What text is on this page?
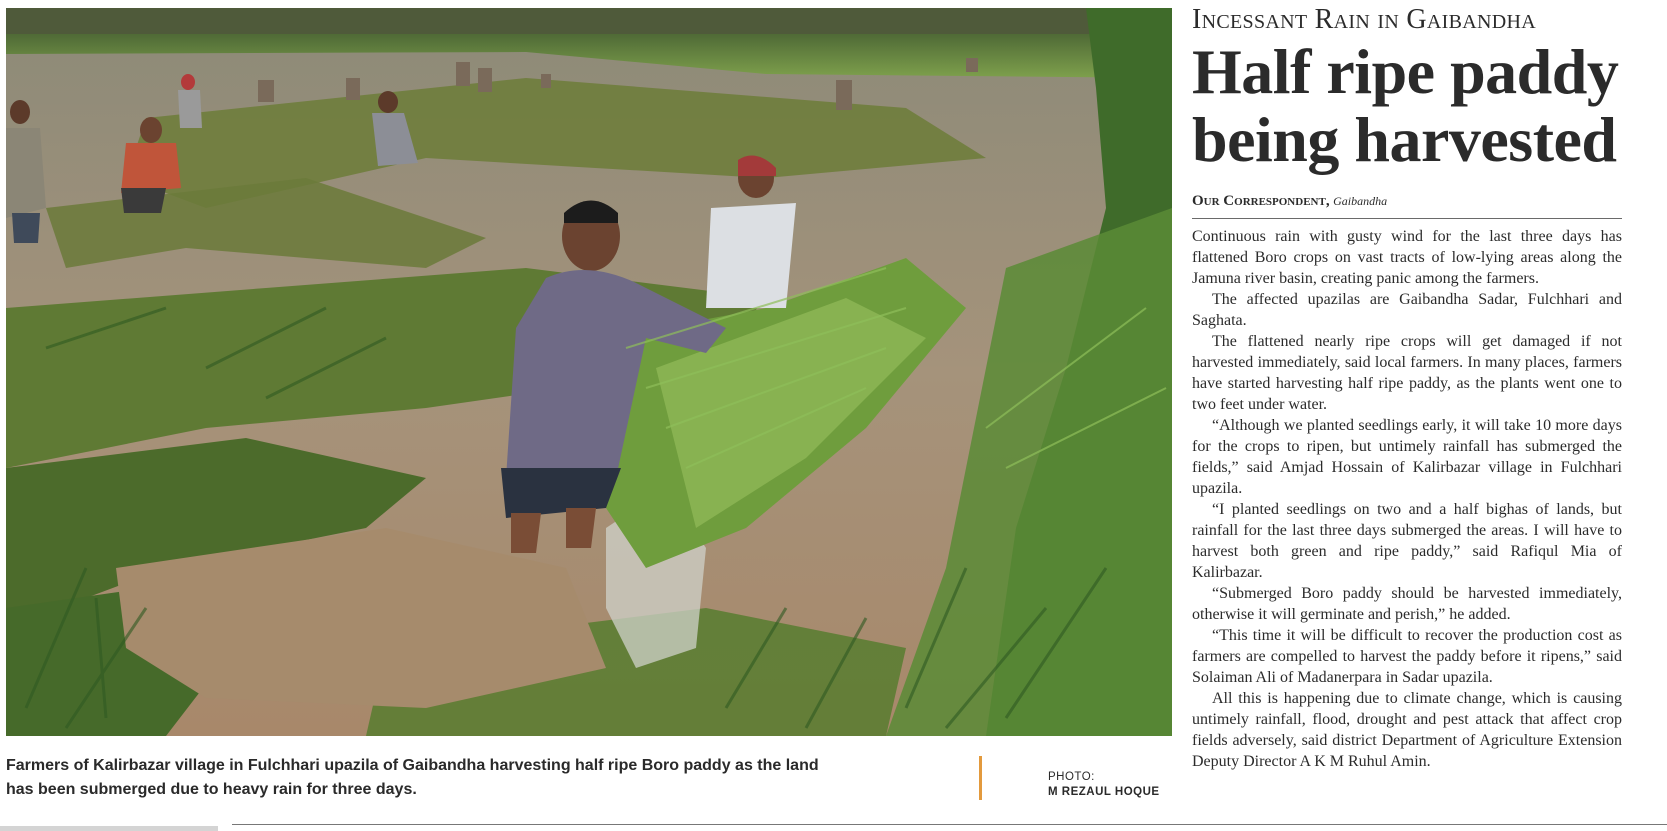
Farmers of Kalirbazar village in Fulchhari upazila of Gaibandha harvesting half ripe Boro paddy as the land has been submerged due to heavy rain for three days.
PHOTO:
M REZAUL HOQUE
Incessant Rain in Gaibandha
Half ripe paddy being harvested
Our Correspondent, Gaibandha

Continuous rain with gusty wind for the last three days has flattened Boro crops on vast tracts of low-lying areas along the Jamuna river basin, creating panic among the farmers.

The affected upazilas are Gaibandha Sadar, Fulchhari and Saghata.

The flattened nearly ripe crops will get damaged if not harvested immediately, said local farmers. In many places, farmers have started harvesting half ripe paddy, as the plants went one to two feet under water.

“Although we planted seedlings early, it will take 10 more days for the crops to ripen, but untimely rainfall has submerged the fields,” said Amjad Hossain of Kalirbazar village in Fulchhari upazila.

“I planted seedlings on two and a half bighas of lands, but rainfall for the last three days submerged the areas. I will have to harvest both green and ripe paddy,” said Rafiqul Mia of Kalirbazar.

“Submerged Boro paddy should be harvested immediately, otherwise it will germinate and perish,” he added.

“This time it will be difficult to recover the production cost as farmers are compelled to harvest the paddy before it ripens,” said Solaiman Ali of Madanerpara in Sadar upazila.

All this is happening due to climate change, which is causing untimely rainfall, flood, drought and pest attack that affect crop fields adversely, said district Department of Agriculture Extension Deputy Director A K M Ruhul Amin.
